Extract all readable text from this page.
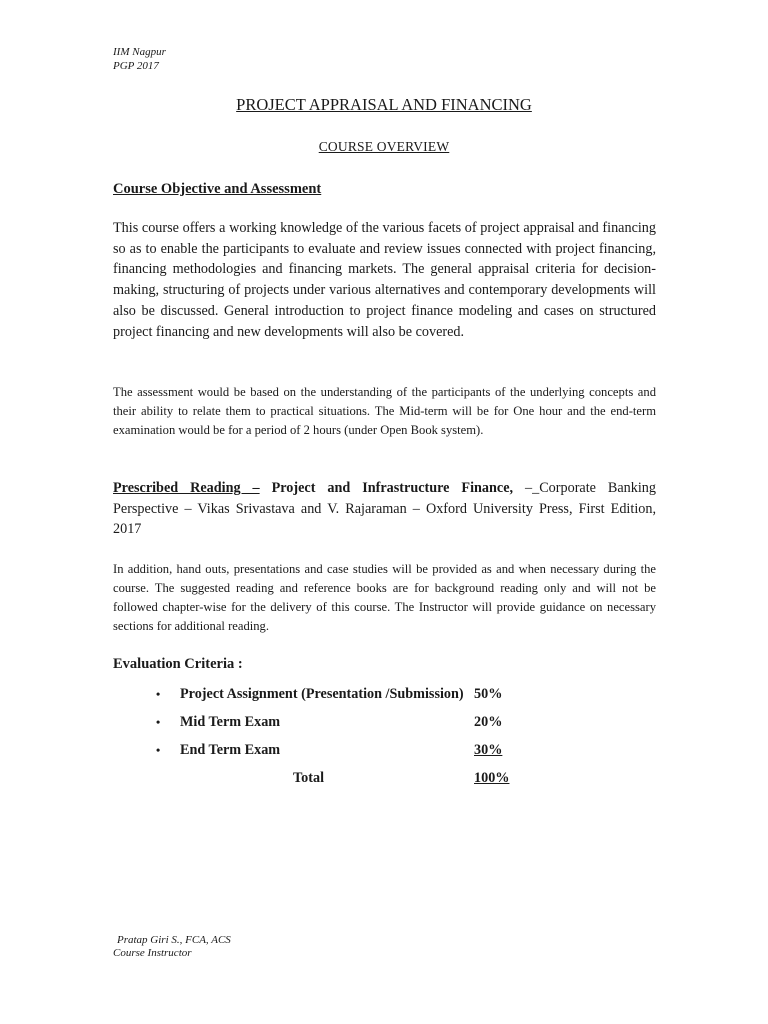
IIM Nagpur
PGP 2017
PROJECT APPRAISAL AND FINANCING
COURSE OVERVIEW
Course Objective and Assessment
This course offers a working knowledge of the various facets of project appraisal and financing so as to enable the participants to evaluate and review issues connected with project financing, financing methodologies and financing markets. The general appraisal criteria for decision-making, structuring of projects under various alternatives and contemporary developments will also be discussed. General introduction to project finance modeling and cases on structured project financing and new developments will also be covered.
The assessment would be based on the understanding of the participants of the underlying concepts and their ability to relate them to practical situations. The Mid-term will be for One hour and the end-term examination would be for a period of 2 hours (under Open Book system).
Prescribed Reading – Project and Infrastructure Finance, –_Corporate Banking Perspective – Vikas Srivastava and V. Rajaraman – Oxford University Press, First Edition, 2017
In addition, hand outs, presentations and case studies will be provided as and when necessary during the course. The suggested reading and reference books are for background reading only and will not be followed chapter-wise for the delivery of this course. The Instructor will provide guidance on necessary sections for additional reading.
Evaluation Criteria :
• Project Assignment (Presentation /Submission) 50%
• Mid Term Exam	20%
• End Term Exam	30%
Total	100%
Pratap Giri S., FCA, ACS
Course Instructor
